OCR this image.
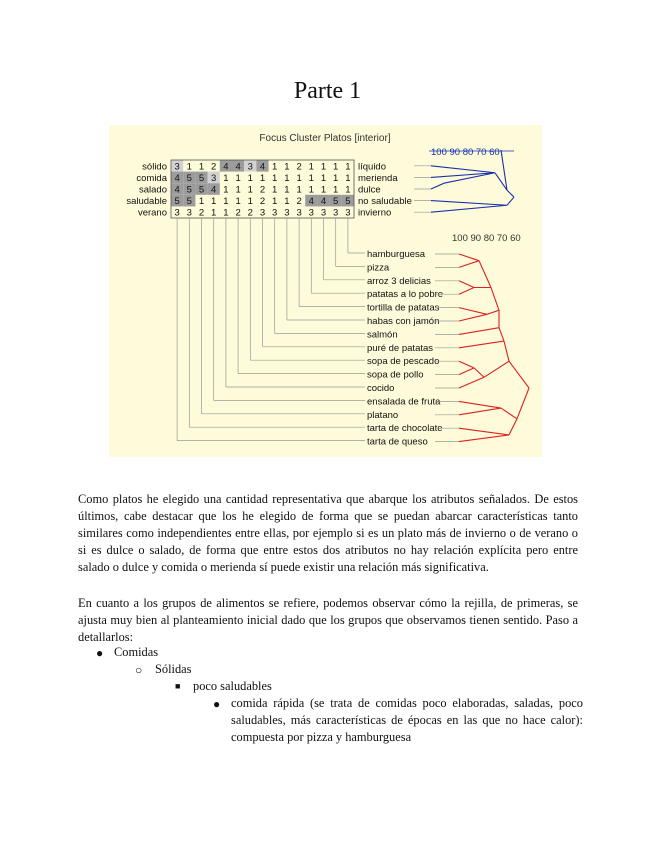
Parte 1
Focus Cluster Platos [interior]
100 90 80 70 60
100 90 80 70 60
sólido 3 1 1 2 4 4 3 4 1 1 2 1 1 1 1 líquido
comida 4 5 5 3 1 1 1 1 1 1 1 1 1 1 1 merienda
salado 4 5 5 4 1 1 1 2 1 1 1 1 1 1 1 dulce
saludable 5 5 1 1 1 1 1 2 1 1 2 4 4 5 5 no saludable
verano 3 3 2 1 1 2 2 3 3 3 3 3 3 3 3 invierno
hamburguesa
pizza
arroz 3 delicias
patatas a lo pobre
tortilla de patatas
habas con jamón
salmón
puré de patatas
sopa de pescado
sopa de pollo
cocido
ensalada de fruta
platano
tarta de chocolate
tarta de queso

Como platos he elegido una cantidad representativa que abarque los atributos señalados. De estos últimos, cabe destacar que los he elegido de forma que se puedan abarcar características tanto similares como independientes entre ellas, por ejemplo si es un plato más de invierno o de verano o si es dulce o salado, de forma que entre estos dos atributos no hay relación explícita pero entre salado o dulce y comida o merienda sí puede existir una relación más significativa.

En cuanto a los grupos de alimentos se refiere, podemos observar cómo la rejilla, de primeras, se ajusta muy bien al planteamiento inicial dado que los grupos que observamos tienen sentido. Paso a detallarlos:

● Comidas
○ Sólidas
■ poco saludables
● comida rápida (se trata de comidas poco elaboradas, saladas, poco saludables, más características de épocas en las que no hace calor): compuesta por pizza y hamburguesa
